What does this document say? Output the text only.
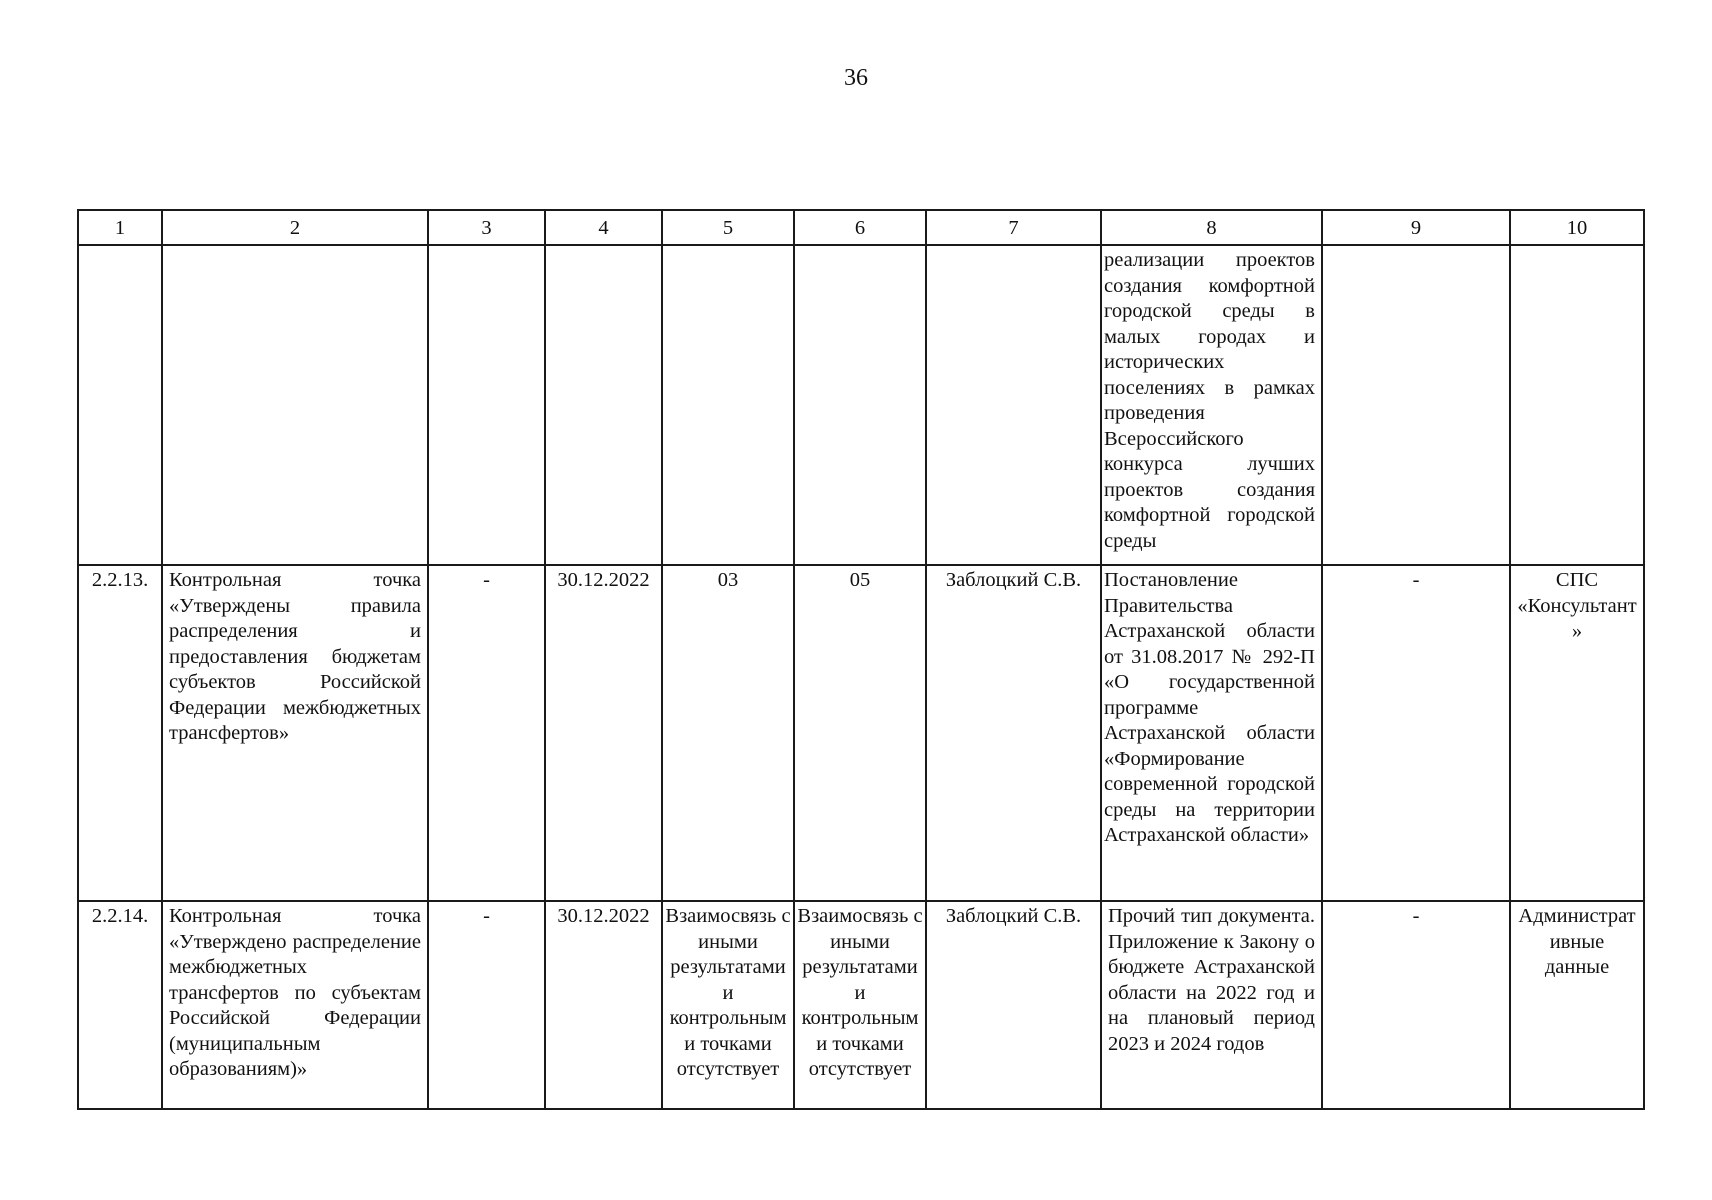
36
1	2	3	4	5	6	7	8	9	10
							реализации проектов создания комфортной городской среды в малых городах и исторических поселениях в рамках проведения Всероссийского конкурса лучших проектов создания комфортной городской среды		
2.2.13.	Контрольная точка «Утверждены правила распределения и предоставления бюджетам субъектов Российской Федерации межбюджетных трансфертов»	-	30.12.2022	03	05	Заблоцкий С.В.	Постановление Правительства Астраханской области от 31.08.2017 № 292-П «О государственной программе Астраханской области «Формирование современной городской среды на территории Астраханской области»	-	СПС «Консультант»
2.2.14.	Контрольная точка «Утверждено распределение межбюджетных трансфертов по субъектам Российской Федерации (муниципальным образованиям)»	-	30.12.2022	Взаимосвязь с иными результатами и контрольными точками отсутствует	Взаимосвязь с иными результатами и контрольными точками отсутствует	Заблоцкий С.В.	Прочий тип документа. Приложение к Закону о бюджете Астраханской области на 2022 год и на плановый период 2023 и 2024 годов	-	Административные данные
